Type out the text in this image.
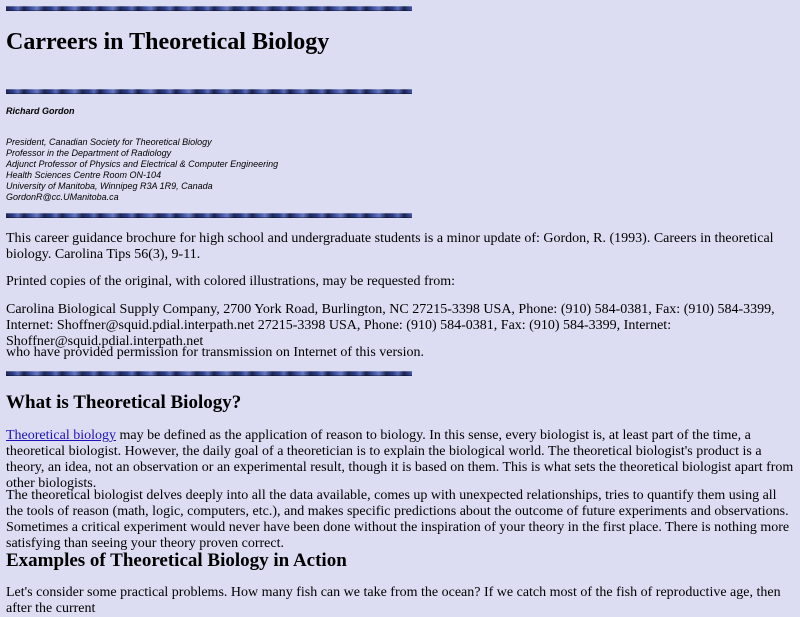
Carreers in Theoretical Biology
Richard Gordon
President, Canadian Society for Theoretical Biology
Professor in the Department of Radiology
Adjunct Professor of Physics and Electrical & Computer Engineering
Health Sciences Centre Room ON-104
University of Manitoba, Winnipeg R3A 1R9, Canada
GordonR@cc.UManitoba.ca

This career guidance brochure for high school and undergraduate students is a minor update of: Gordon, R. (1993). Careers in theoretical biology. Carolina Tips 56(3), 9-11.

Printed copies of the original, with colored illustrations, may be requested from:

Carolina Biological Supply Company, 2700 York Road, Burlington, NC 27215-3398 USA, Phone: (910) 584-0381, Fax: (910) 584-3399, Internet: Shoffner@squid.pdial.interpath.net 27215-3398 USA, Phone: (910) 584-0381, Fax: (910) 584-3399, Internet: Shoffner@squid.pdial.interpath.net

who have provided permission for transmission on Internet of this version.

What is Theoretical Biology?

Theoretical biology may be defined as the application of reason to biology. In this sense, every biologist is, at least part of the time, a theoretical biologist. However, the daily goal of a theoretician is to explain the biological world. The theoretical biologist's product is a theory, an idea, not an observation or an experimental result, though it is based on them. This is what sets the theoretical biologist apart from other biologists.

The theoretical biologist delves deeply into all the data available, comes up with unexpected relationships, tries to quantify them using all the tools of reason (math, logic, computers, etc.), and makes specific predictions about the outcome of future experiments and observations. Sometimes a critical experiment would never have been done without the inspiration of your theory in the first place. There is nothing more satisfying than seeing your theory proven correct.

Examples of Theoretical Biology in Action

Let's consider some practical problems. How many fish can we take from the ocean? If we catch most of the fish of reproductive age, then after the current
